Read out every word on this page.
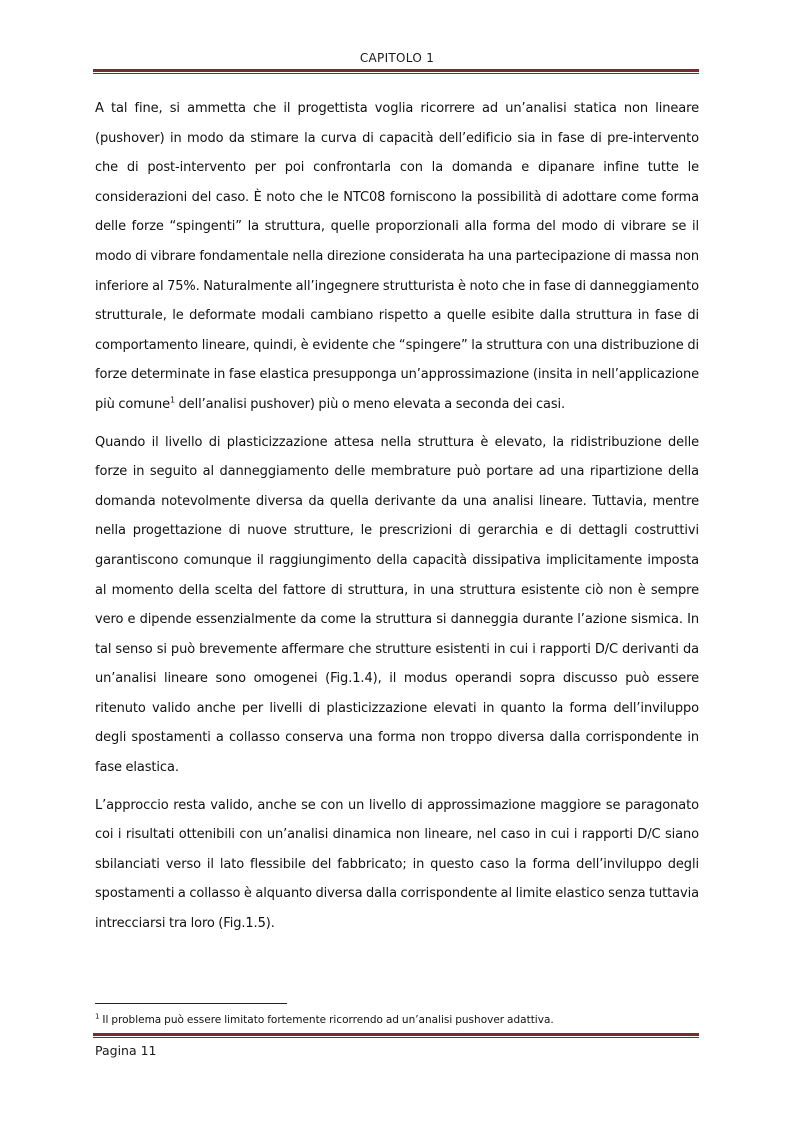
CAPITOLO 1

A tal fine, si ammetta che il progettista voglia ricorrere ad un’analisi statica non lineare (pushover) in modo da stimare la curva di capacità dell’edificio sia in fase di pre-intervento che di post-intervento per poi confrontarla con la domanda e dipanare infine tutte le considerazioni del caso. È noto che le NTC08 forniscono la possibilità di adottare come forma delle forze “spingenti” la struttura, quelle proporzionali alla forma del modo di vibrare se il modo di vibrare fondamentale nella direzione considerata ha una partecipazione di massa non inferiore al 75%. Naturalmente all’ingegnere strutturista è noto che in fase di danneggiamento strutturale, le deformate modali cambiano rispetto a quelle esibite dalla struttura in fase di comportamento lineare, quindi, è evidente che “spingere” la struttura con una distribuzione di forze determinate in fase elastica presupponga un’approssimazione (insita in nell’applicazione più comune$^1$ dell’analisi pushover) più o meno elevata a seconda dei casi.

Quando il livello di plasticizzazione attesa nella struttura è elevato, la ridistribuzione delle forze in seguito al danneggiamento delle membrature può portare ad una ripartizione della domanda notevolmente diversa da quella derivante da una analisi lineare. Tuttavia, mentre nella progettazione di nuove strutture, le prescrizioni di gerarchia e di dettagli costruttivi garantiscono comunque il raggiungimento della capacità dissipativa implicitamente imposta al momento della scelta del fattore di struttura, in una struttura esistente ciò non è sempre vero e dipende essenzialmente da come la struttura si danneggia durante l’azione sismica. In tal senso si può brevemente affermare che strutture esistenti in cui i rapporti D/C derivanti da un’analisi lineare sono omogenei (Fig.1.4), il modus operandi sopra discusso può essere ritenuto valido anche per livelli di plasticizzazione elevati in quanto la forma dell’inviluppo degli spostamenti a collasso conserva una forma non troppo diversa dalla corrispondente in fase elastica.

L’approccio resta valido, anche se con un livello di approssimazione maggiore se paragonato coi i risultati ottenibili con un’analisi dinamica non lineare, nel caso in cui i rapporti D/C siano sbilanciati verso il lato flessibile del fabbricato; in questo caso la forma dell’inviluppo degli spostamenti a collasso è alquanto diversa dalla corrispondente al limite elastico senza tuttavia intrecciarsi tra loro (Fig.1.5).

$^1$ Il problema può essere limitato fortemente ricorrendo ad un’analisi pushover adattiva.
Pagina 11
